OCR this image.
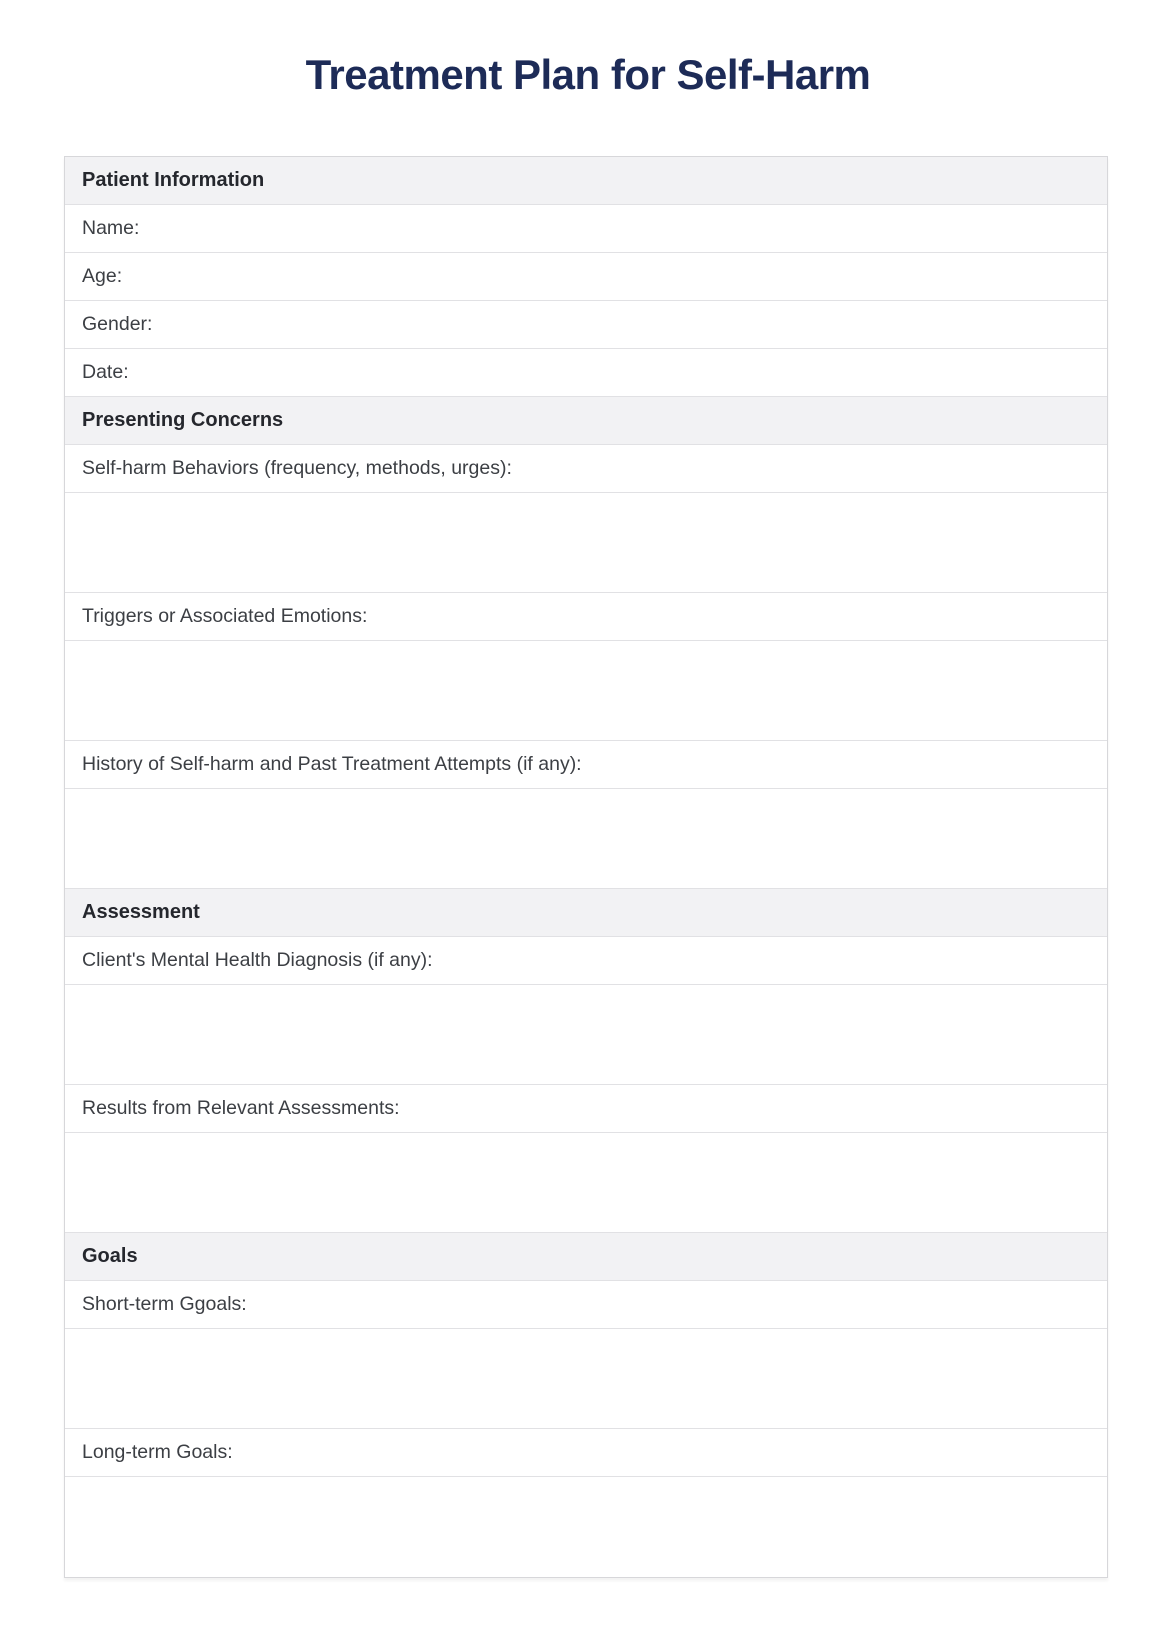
Treatment Plan for Self-Harm
Patient Information
Name:
Age:
Gender:
Date:
Presenting Concerns
Self-harm Behaviors (frequency, methods, urges):
Triggers or Associated Emotions:
History of Self-harm and Past Treatment Attempts (if any):
Assessment
Client's Mental Health Diagnosis (if any):
Results from Relevant Assessments:
Goals
Short-term Ggoals:
Long-term Goals:
